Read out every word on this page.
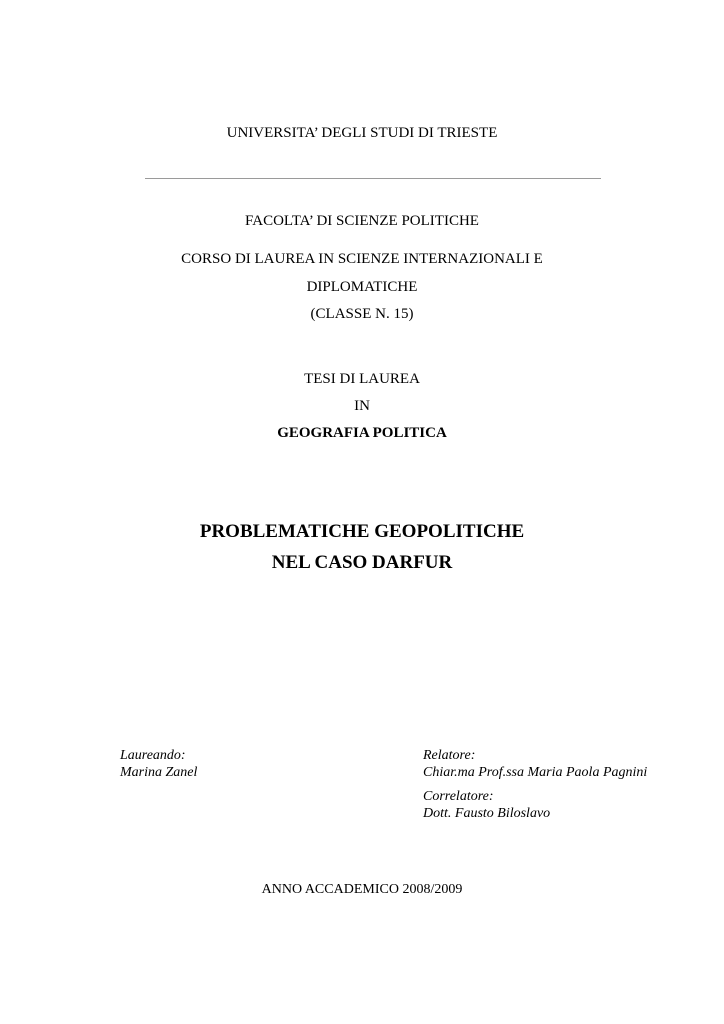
UNIVERSITA’ DEGLI STUDI DI TRIESTE
FACOLTA’ DI SCIENZE POLITICHE
CORSO DI LAUREA IN SCIENZE INTERNAZIONALI E
DIPLOMATICHE
(CLASSE N. 15)
TESI DI LAUREA
IN
GEOGRAFIA POLITICA
PROBLEMATICHE GEOPOLITICHE
NEL CASO DARFUR
Laureando:
Marina Zanel
Relatore:
Chiar.ma Prof.ssa Maria Paola Pagnini
Correlatore:
Dott. Fausto Biloslavo
ANNO ACCADEMICO 2008/2009
